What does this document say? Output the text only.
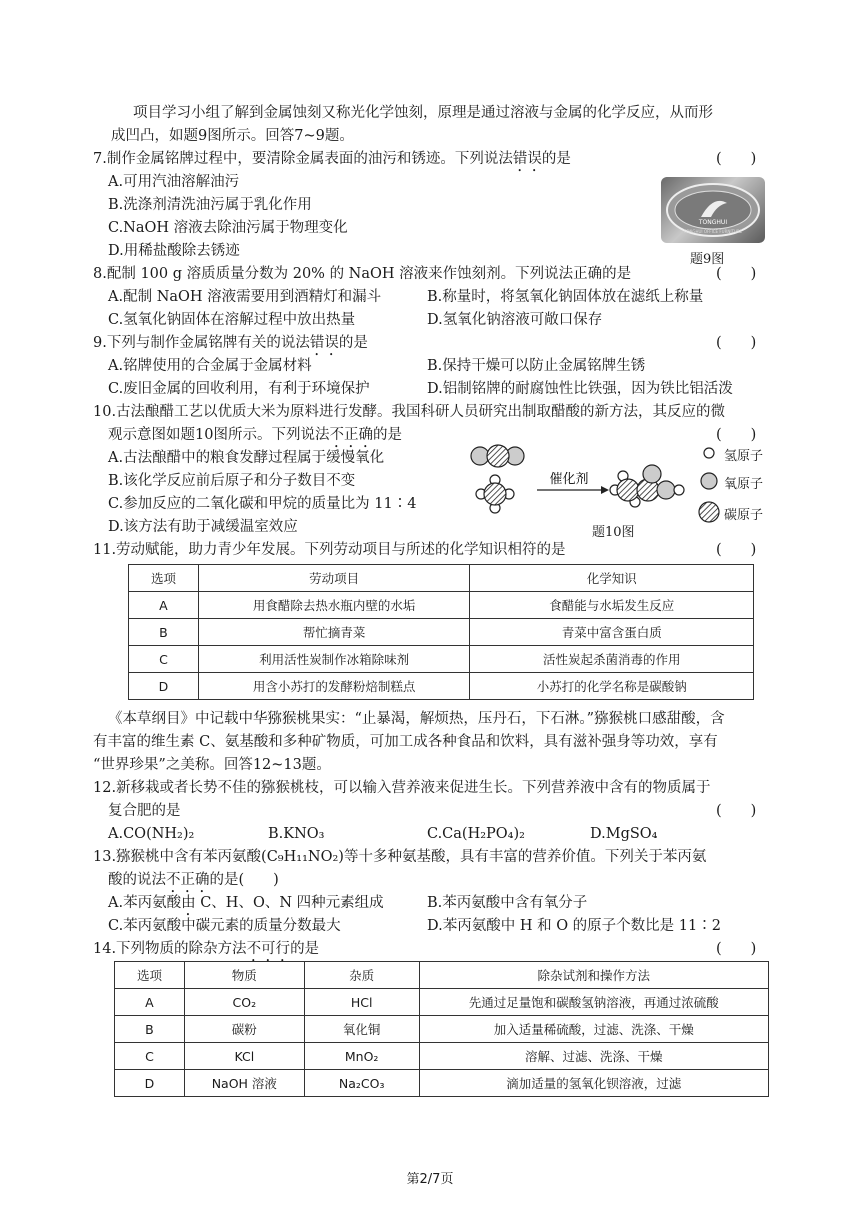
项目学习小组了解到金属蚀刻又称光化学蚀刻，原理是通过溶液与金属的化学反应，从而形
成凹凸，如题9图所示。回答7~9题。
7.制作金属铭牌过程中，要清除金属表面的油污和锈迹。下列说法错误的是	(　　)
A.可用汽油溶解油污
B.洗涤剂清洗油污属于乳化作用
C.NaOH 溶液去除油污属于物理变化
D.用稀盐酸除去锈迹
TONGHUI
TONGHUI OFFICE FURNITURE
题9图
8.配制 100 g 溶质质量分数为 20% 的 NaOH 溶液来作蚀刻剂。下列说法正确的是	(　　)
A.配制 NaOH 溶液需要用到酒精灯和漏斗	B.称量时，将氢氧化钠固体放在滤纸上称量
C.氢氧化钠固体在溶解过程中放出热量	D.氢氧化钠溶液可敞口保存
9.下列与制作金属铭牌有关的说法错误的是	(　　)
A.铭牌使用的合金属于金属材料	B.保持干燥可以防止金属铭牌生锈
C.废旧金属的回收利用，有利于环境保护	D.铝制铭牌的耐腐蚀性比铁强，因为铁比铝活泼
10.古法酿醋工艺以优质大米为原料进行发酵。我国科研人员研究出制取醋酸的新方法，其反应的微
观示意图如题10图所示。下列说法不正确的是	(　　)
A.古法酿醋中的粮食发酵过程属于缓慢氧化
B.该化学反应前后原子和分子数目不变
C.参加反应的二氧化碳和甲烷的质量比为 11∶4
D.该方法有助于减缓温室效应
催化剂
氢原子
氧原子
碳原子
题10图
11.劳动赋能，助力青少年发展。下列劳动项目与所述的化学知识相符的是	(　　)
选项	劳动项目	化学知识
A	用食醋除去热水瓶内壁的水垢	食醋能与水垢发生反应
B	帮忙摘青菜	青菜中富含蛋白质
C	利用活性炭制作冰箱除味剂	活性炭起杀菌消毒的作用
D	用含小苏打的发酵粉焙制糕点	小苏打的化学名称是碳酸钠
《本草纲目》中记载中华猕猴桃果实：“止暴渴，解烦热，压丹石，下石淋。”猕猴桃口感甜酸，含
有丰富的维生素 C、氨基酸和多种矿物质，可加工成各种食品和饮料，具有滋补强身等功效，享有
“世界珍果”之美称。回答12~13题。
12.新移栽或者长势不佳的猕猴桃枝，可以输入营养液来促进生长。下列营养液中含有的物质属于
复合肥的是	(　　)
A.CO(NH₂)₂	B.KNO₃	C.Ca(H₂PO₄)₂	D.MgSO₄
13.猕猴桃中含有苯丙氨酸(C₉H₁₁NO₂)等十多种氨基酸，具有丰富的营养价值。下列关于苯丙氨
酸的说法不正确的是(　　)
A.苯丙氨酸由 C、H、O、N 四种元素组成	B.苯丙氨酸中含有氧分子
C.苯丙氨酸中碳元素的质量分数最大	D.苯丙氨酸中 H 和 O 的原子个数比是 11∶2
14.下列物质的除杂方法不可行的是	(　　)
选项	物质	杂质	除杂试剂和操作方法
A	CO₂	HCl	先通过足量饱和碳酸氢钠溶液，再通过浓硫酸
B	碳粉	氧化铜	加入适量稀硫酸，过滤、洗涤、干燥
C	KCl	MnO₂	溶解、过滤、洗涤、干燥
D	NaOH 溶液	Na₂CO₃	滴加适量的氢氧化钡溶液，过滤
第2/7页
